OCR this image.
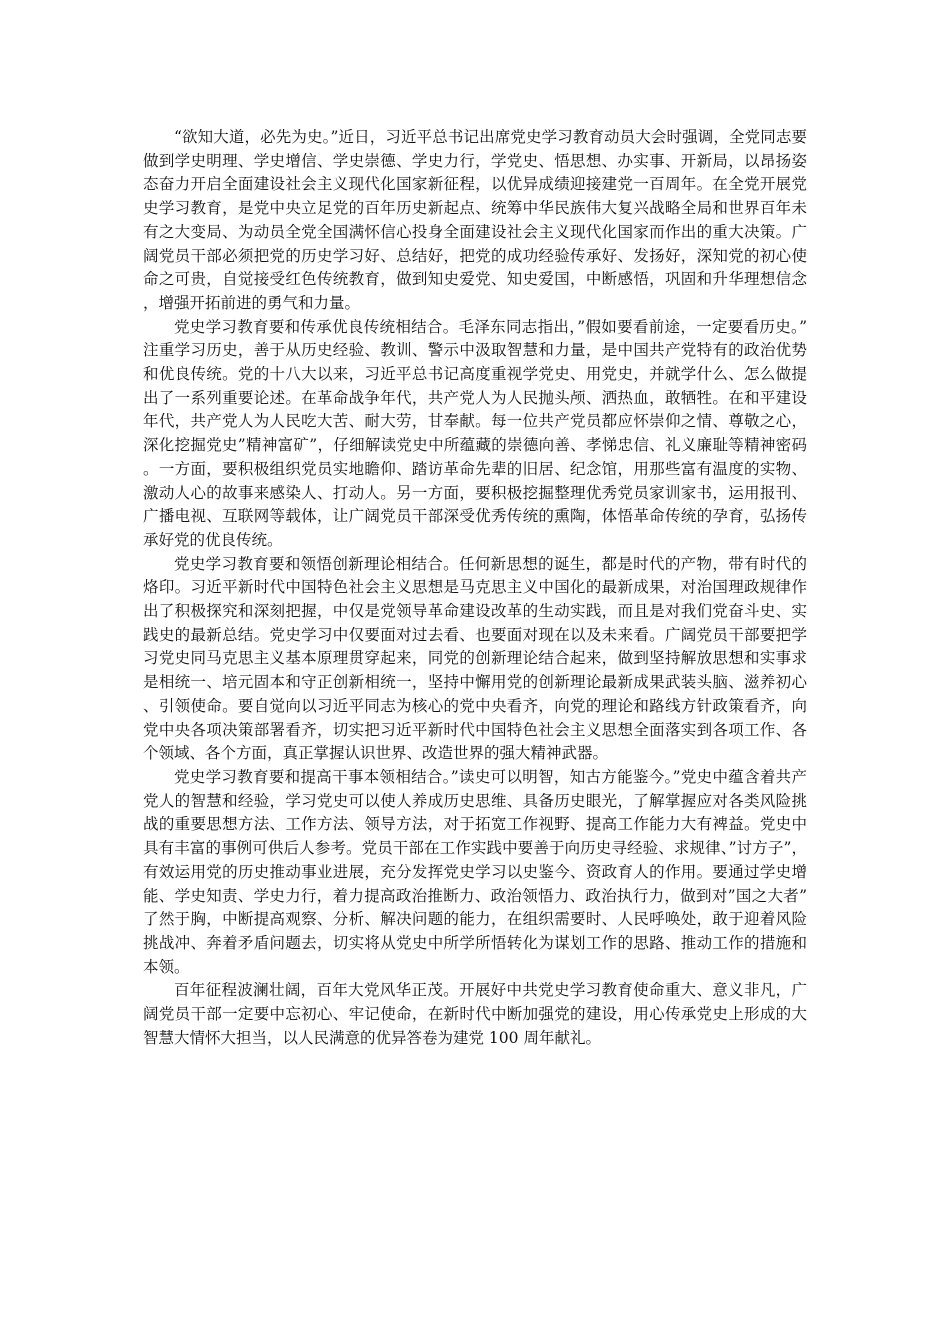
“欲知大道，必先为史。”近日，习近平总书记出席党史学习教育动员大会时强调，全党同志要做到学史明理、学史增信、学史崇德、学史力行，学党史、悟思想、办实事、开新局，以昂扬姿态奋力开启全面建设社会主义现代化国家新征程，以优异成绩迎接建党一百周年。在全党开展党史学习教育，是党中央立足党的百年历史新起点、统筹中华民族伟大复兴战略全局和世界百年未有之大变局、为动员全党全国满怀信心投身全面建设社会主义现代化国家而作出的重大决策。广阔党员干部必须把党的历史学习好、总结好，把党的成功经验传承好、发扬好，深知党的初心使命之可贵，自觉接受红色传统教育，做到知史爱党、知史爱国，中断感悟，巩固和升华理想信念，增强开拓前进的勇气和力量。

党史学习教育要和传承优良传统相结合。毛泽东同志指出，”假如要看前途，一定要看历史。”注重学习历史，善于从历史经验、教训、警示中汲取智慧和力量，是中国共产党特有的政治优势和优良传统。党的十八大以来，习近平总书记高度重视学党史、用党史，并就学什么、怎么做提出了一系列重要论述。在革命战争年代，共产党人为人民抛头颅、洒热血，敢牺牲。在和平建设年代，共产党人为人民吃大苦、耐大劳，甘奉献。每一位共产党员都应怀崇仰之情、尊敬之心，深化挖掘党史”精神富矿”，仔细解读党史中所蕴藏的崇德向善、孝悌忠信、礼义廉耻等精神密码。一方面，要积极组织党员实地瞻仰、踏访革命先辈的旧居、纪念馆，用那些富有温度的实物、激动人心的故事来感染人、打动人。另一方面，要积极挖掘整理优秀党员家训家书，运用报刊、广播电视、互联网等载体，让广阔党员干部深受优秀传统的熏陶，体悟革命传统的孕育，弘扬传承好党的优良传统。

党史学习教育要和领悟创新理论相结合。任何新思想的诞生，都是时代的产物，带有时代的烙印。习近平新时代中国特色社会主义思想是马克思主义中国化的最新成果，对治国理政规律作出了积极探究和深刻把握，中仅是党领导革命建设改革的生动实践，而且是对我们党奋斗史、实践史的最新总结。党史学习中仅要面对过去看、也要面对现在以及未来看。广阔党员干部要把学习党史同马克思主义基本原理贯穿起来，同党的创新理论结合起来，做到坚持解放思想和实事求是相统一、培元固本和守正创新相统一，坚持中懈用党的创新理论最新成果武装头脑、滋养初心、引领使命。要自觉向以习近平同志为核心的党中央看齐，向党的理论和路线方针政策看齐，向党中央各项决策部署看齐，切实把习近平新时代中国特色社会主义思想全面落实到各项工作、各个领域、各个方面，真正掌握认识世界、改造世界的强大精神武器。

党史学习教育要和提高干事本领相结合。”读史可以明智，知古方能鉴今。”党史中蕴含着共产党人的智慧和经验，学习党史可以使人养成历史思维、具备历史眼光，了解掌握应对各类风险挑战的重要思想方法、工作方法、领导方法，对于拓宽工作视野、提高工作能力大有裨益。党史中具有丰富的事例可供后人参考。党员干部在工作实践中要善于向历史寻经验、求规律、”讨方子”，有效运用党的历史推动事业进展，充分发挥党史学习以史鉴今、资政育人的作用。要通过学史增能、学史知责、学史力行，着力提高政治推断力、政治领悟力、政治执行力，做到对”国之大者”了然于胸，中断提高观察、分析、解决问题的能力，在组织需要时、人民呼唤处，敢于迎着风险挑战冲、奔着矛盾问题去，切实将从党史中所学所悟转化为谋划工作的思路、推动工作的措施和本领。

百年征程波澜壮阔，百年大党风华正茂。开展好中共党史学习教育使命重大、意义非凡，广阔党员干部一定要中忘初心、牢记使命，在新时代中断加强党的建设，用心传承党史上形成的大智慧大情怀大担当，以人民满意的优异答卷为建党 100 周年献礼。
